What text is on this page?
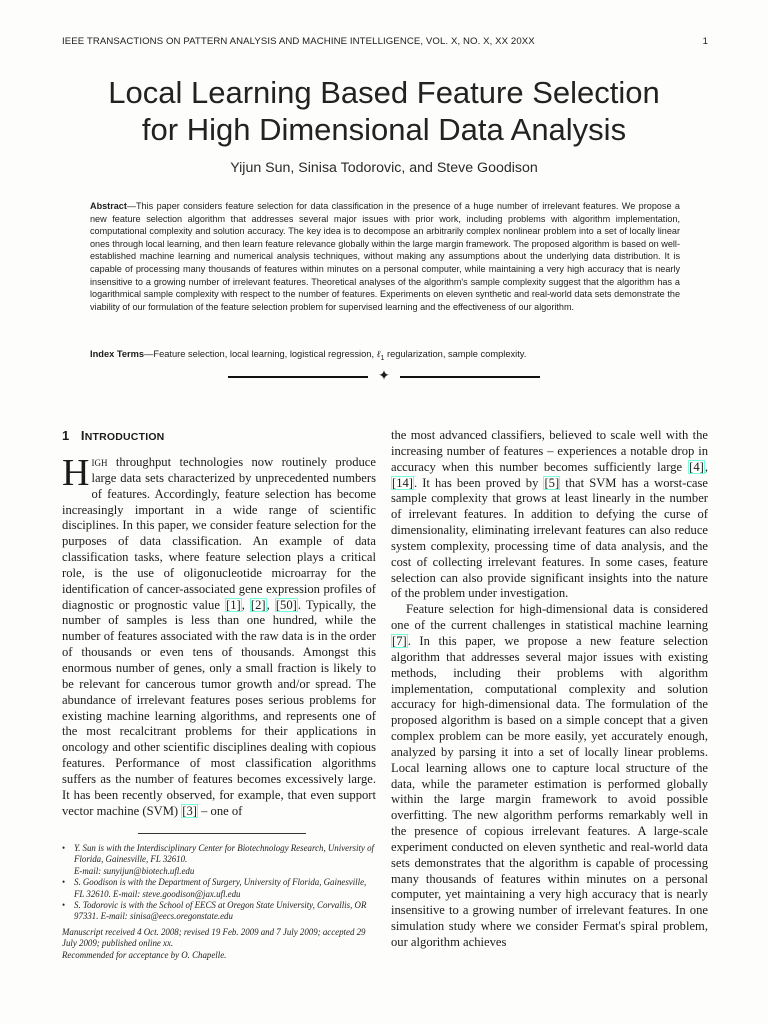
IEEE TRANSACTIONS ON PATTERN ANALYSIS AND MACHINE INTELLIGENCE, VOL. X, NO. X, XX 20XX	1
Local Learning Based Feature Selection
for High Dimensional Data Analysis
Yijun Sun, Sinisa Todorovic, and Steve Goodison
Abstract—This paper considers feature selection for data classification in the presence of a huge number of irrelevant features. We propose a new feature selection algorithm that addresses several major issues with prior work, including problems with algorithm implementation, computational complexity and solution accuracy. The key idea is to decompose an arbitrarily complex nonlinear problem into a set of locally linear ones through local learning, and then learn feature relevance globally within the large margin framework. The proposed algorithm is based on well-established machine learning and numerical analysis techniques, without making any assumptions about the underlying data distribution. It is capable of processing many thousands of features within minutes on a personal computer, while maintaining a very high accuracy that is nearly insensitive to a growing number of irrelevant features. Theoretical analyses of the algorithm's sample complexity suggest that the algorithm has a logarithmical sample complexity with respect to the number of features. Experiments on eleven synthetic and real-world data sets demonstrate the viability of our formulation of the feature selection problem for supervised learning and the effectiveness of our algorithm.
Index Terms—Feature selection, local learning, logistical regression, ℓ$_1$ regularization, sample complexity.
✦
1 INTRODUCTION

High throughput technologies now routinely produce large data sets characterized by unprecedented numbers of features. Accordingly, feature selection has become increasingly important in a wide range of scientific disciplines. In this paper, we consider feature selection for the purposes of data classification. An example of data classification tasks, where feature selection plays a critical role, is the use of oligonucleotide microarray for the identification of cancer-associated gene expression profiles of diagnostic or prognostic value [1], [2], [50]. Typically, the number of samples is less than one hundred, while the number of features associated with the raw data is in the order of thousands or even tens of thousands. Amongst this enormous number of genes, only a small fraction is likely to be relevant for cancerous tumor growth and/or spread. The abundance of irrelevant features poses serious problems for existing machine learning algorithms, and represents one of the most recalcitrant problems for their applications in oncology and other scientific disciplines dealing with copious features. Performance of most classification algorithms suffers as the number of features becomes excessively large. It has been recently observed, for example, that even support vector machine (SVM) [3] – one of

the most advanced classifiers, believed to scale well with the increasing number of features – experiences a notable drop in accuracy when this number becomes sufficiently large [4], [14]. It has been proved by [5] that SVM has a worst-case sample complexity that grows at least linearly in the number of irrelevant features. In addition to defying the curse of dimensionality, eliminating irrelevant features can also reduce system complexity, processing time of data analysis, and the cost of collecting irrelevant features. In some cases, feature selection can also provide significant insights into the nature of the problem under investigation.

Feature selection for high-dimensional data is considered one of the current challenges in statistical machine learning [7]. In this paper, we propose a new feature selection algorithm that addresses several major issues with existing methods, including their problems with algorithm implementation, computational complexity and solution accuracy for high-dimensional data. The formulation of the proposed algorithm is based on a simple concept that a given complex problem can be more easily, yet accurately enough, analyzed by parsing it into a set of locally linear problems. Local learning allows one to capture local structure of the data, while the parameter estimation is performed globally within the large margin framework to avoid possible overfitting. The new algorithm performs remarkably well in the presence of copious irrelevant features. A large-scale experiment conducted on eleven synthetic and real-world data sets demonstrates that the algorithm is capable of processing many thousands of features within minutes on a personal computer, yet maintaining a very high accuracy that is nearly insensitive to a growing number of irrelevant features. In one simulation study where we consider Fermat's spiral problem, our algorithm achieves

• Y. Sun is with the Interdisciplinary Center for Biotechnology Research, University of Florida, Gainesville, FL 32610.
E-mail: sunyijun@biotech.ufl.edu
• S. Goodison is with the Department of Surgery, University of Florida, Gainesville, FL 32610. E-mail: steve.goodison@jax.ufl.edu
• S. Todorovic is with the School of EECS at Oregon State University, Corvallis, OR 97331. E-mail: sinisa@eecs.oregonstate.edu
Manuscript received 4 Oct. 2008; revised 19 Feb. 2009 and 7 July 2009; accepted 29 July 2009; published online xx.
Recommended for acceptance by O. Chapelle.
